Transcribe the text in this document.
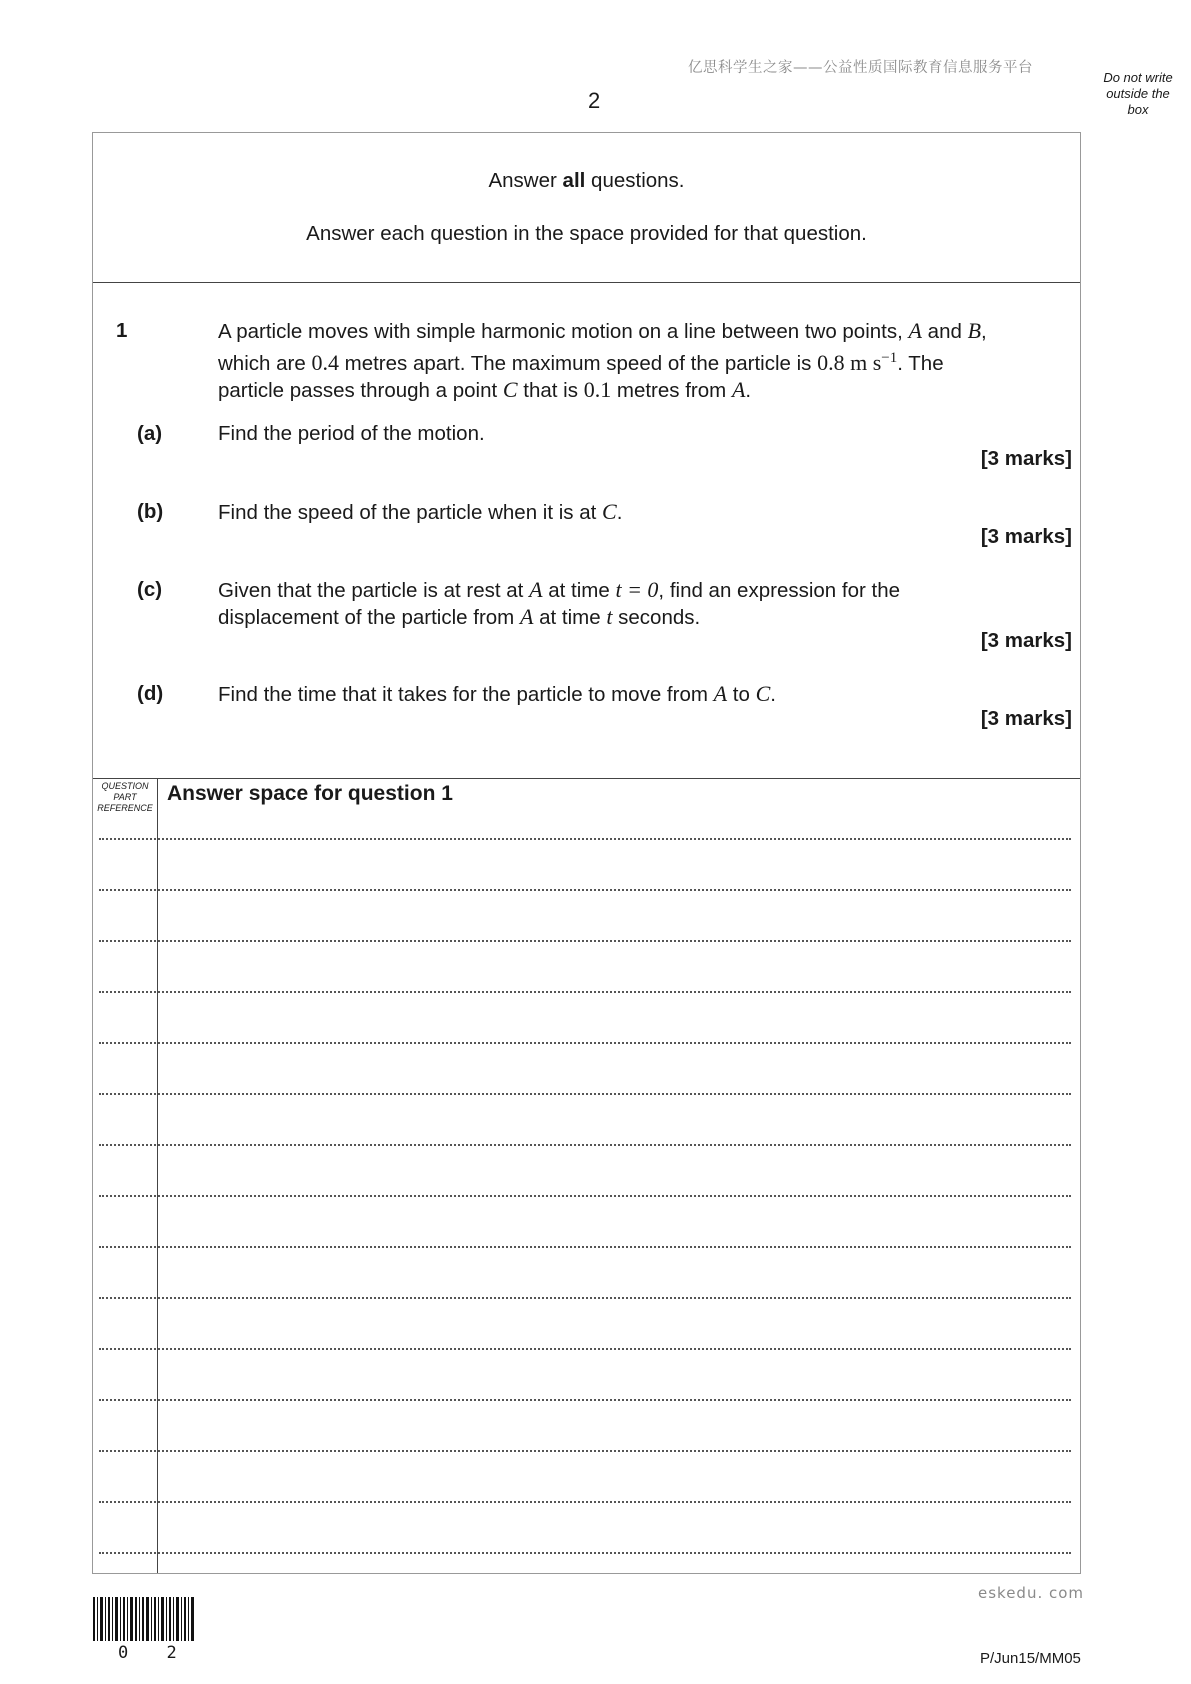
亿思科学生之家——公益性质国际教育信息服务平台
2
Do not write
outside the
box
Answer all questions.
Answer each question in the space provided for that question.
1	A particle moves with simple harmonic motion on a line between two points, A and B,
which are 0.4 metres apart. The maximum speed of the particle is 0.8 m $s^{-1}$. The
particle passes through a point C that is 0.1 metres from A.
(a)	Find the period of the motion.
[3 marks]
(b)	Find the speed of the particle when it is at C.
[3 marks]
(c)	Given that the particle is at rest at A at time t = 0, find an expression for the
displacement of the particle from A at time t seconds.
[3 marks]
(d)	Find the time that it takes for the particle to move from A to C.
[3 marks]
QUESTION
PART
REFERENCE
Answer space for question 1
eskedu. com
0 2	P/Jun15/MM05
